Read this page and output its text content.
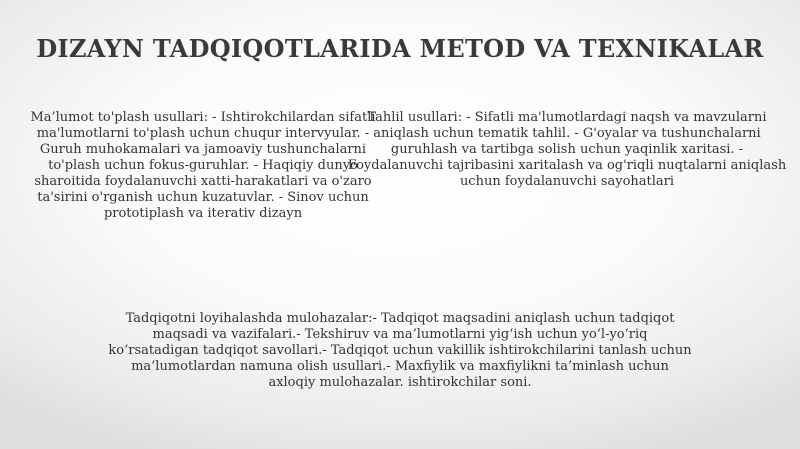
DIZAYN TADQIQOTLARIDA METOD VA TEXNIKALAR

Ma’lumot to'plash usullari: - Ishtirokchilardan sifatli ma'lumotlarni to'plash uchun chuqur intervyular. - Guruh muhokamalari va jamoaviy tushunchalarni to'plash uchun fokus-guruhlar. - Haqiqiy dunyo sharoitida foydalanuvchi xatti-harakatlari va o'zaro ta'sirini o'rganish uchun kuzatuvlar. - Sinov uchun prototiplash va iterativ dizayn

Tahlil usullari: - Sifatli ma'lumotlardagi naqsh va mavzularni aniqlash uchun tematik tahlil. - G'oyalar va tushunchalarni guruhlash va tartibga solish uchun yaqinlik xaritasi. - Foydalanuvchi tajribasini xaritalash va og'riqli nuqtalarni aniqlash uchun foydalanuvchi sayohatlari

Tadqiqotni loyihalashda mulohazalar:- Tadqiqot maqsadini aniqlash uchun tadqiqot maqsadi va vazifalari.- Tekshiruv va ma’lumotlarni yig‘ish uchun yo‘l-yo‘riq ko‘rsatadigan tadqiqot savollari.- Tadqiqot uchun vakillik ishtirokchilarini tanlash uchun ma’lumotlardan namuna olish usullari.- Maxfiylik va maxfiylikni ta’minlash uchun axloqiy mulohazalar. ishtirokchilar soni.
